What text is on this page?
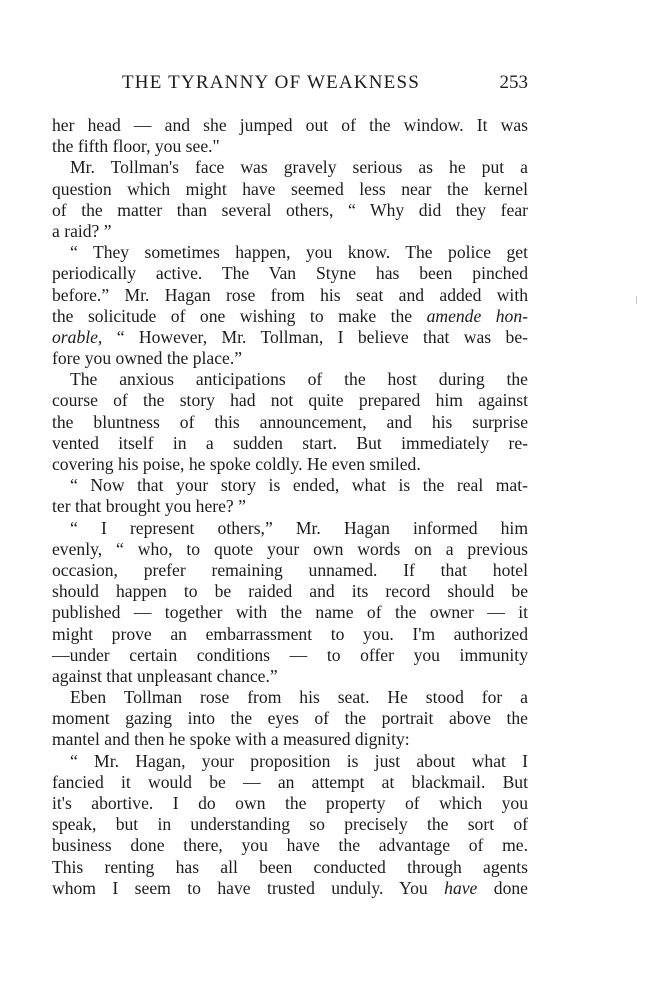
THE TYRANNY OF WEAKNESS	253
her head — and she jumped out of the window. It was
the fifth floor, you see."
Mr. Tollman's face was gravely serious as he put a
question which might have seemed less near the kernel
of the matter than several others, “ Why did they fear
a raid? ”
“ They sometimes happen, you know. The police get
periodically active. The Van Styne has been pinched
before.” Mr. Hagan rose from his seat and added with
the solicitude of one wishing to make the amende hon-
orable, “ However, Mr. Tollman, I believe that was be-
fore you owned the place.”
The anxious anticipations of the host during the
course of the story had not quite prepared him against
the bluntness of this announcement, and his surprise
vented itself in a sudden start. But immediately re-
covering his poise, he spoke coldly. He even smiled.
“ Now that your story is ended, what is the real mat-
ter that brought you here? ”
“ I represent others,” Mr. Hagan informed him
evenly, “ who, to quote your own words on a previous
occasion, prefer remaining unnamed. If that hotel
should happen to be raided and its record should be
published — together with the name of the owner — it
might prove an embarrassment to you. I'm authorized
—under certain conditions — to offer you immunity
against that unpleasant chance.”
Eben Tollman rose from his seat. He stood for a
moment gazing into the eyes of the portrait above the
mantel and then he spoke with a measured dignity:
“ Mr. Hagan, your proposition is just about what I
fancied it would be — an attempt at blackmail. But
it's abortive. I do own the property of which you
speak, but in understanding so precisely the sort of
business done there, you have the advantage of me.
This renting has all been conducted through agents
whom I seem to have trusted unduly. You have done
